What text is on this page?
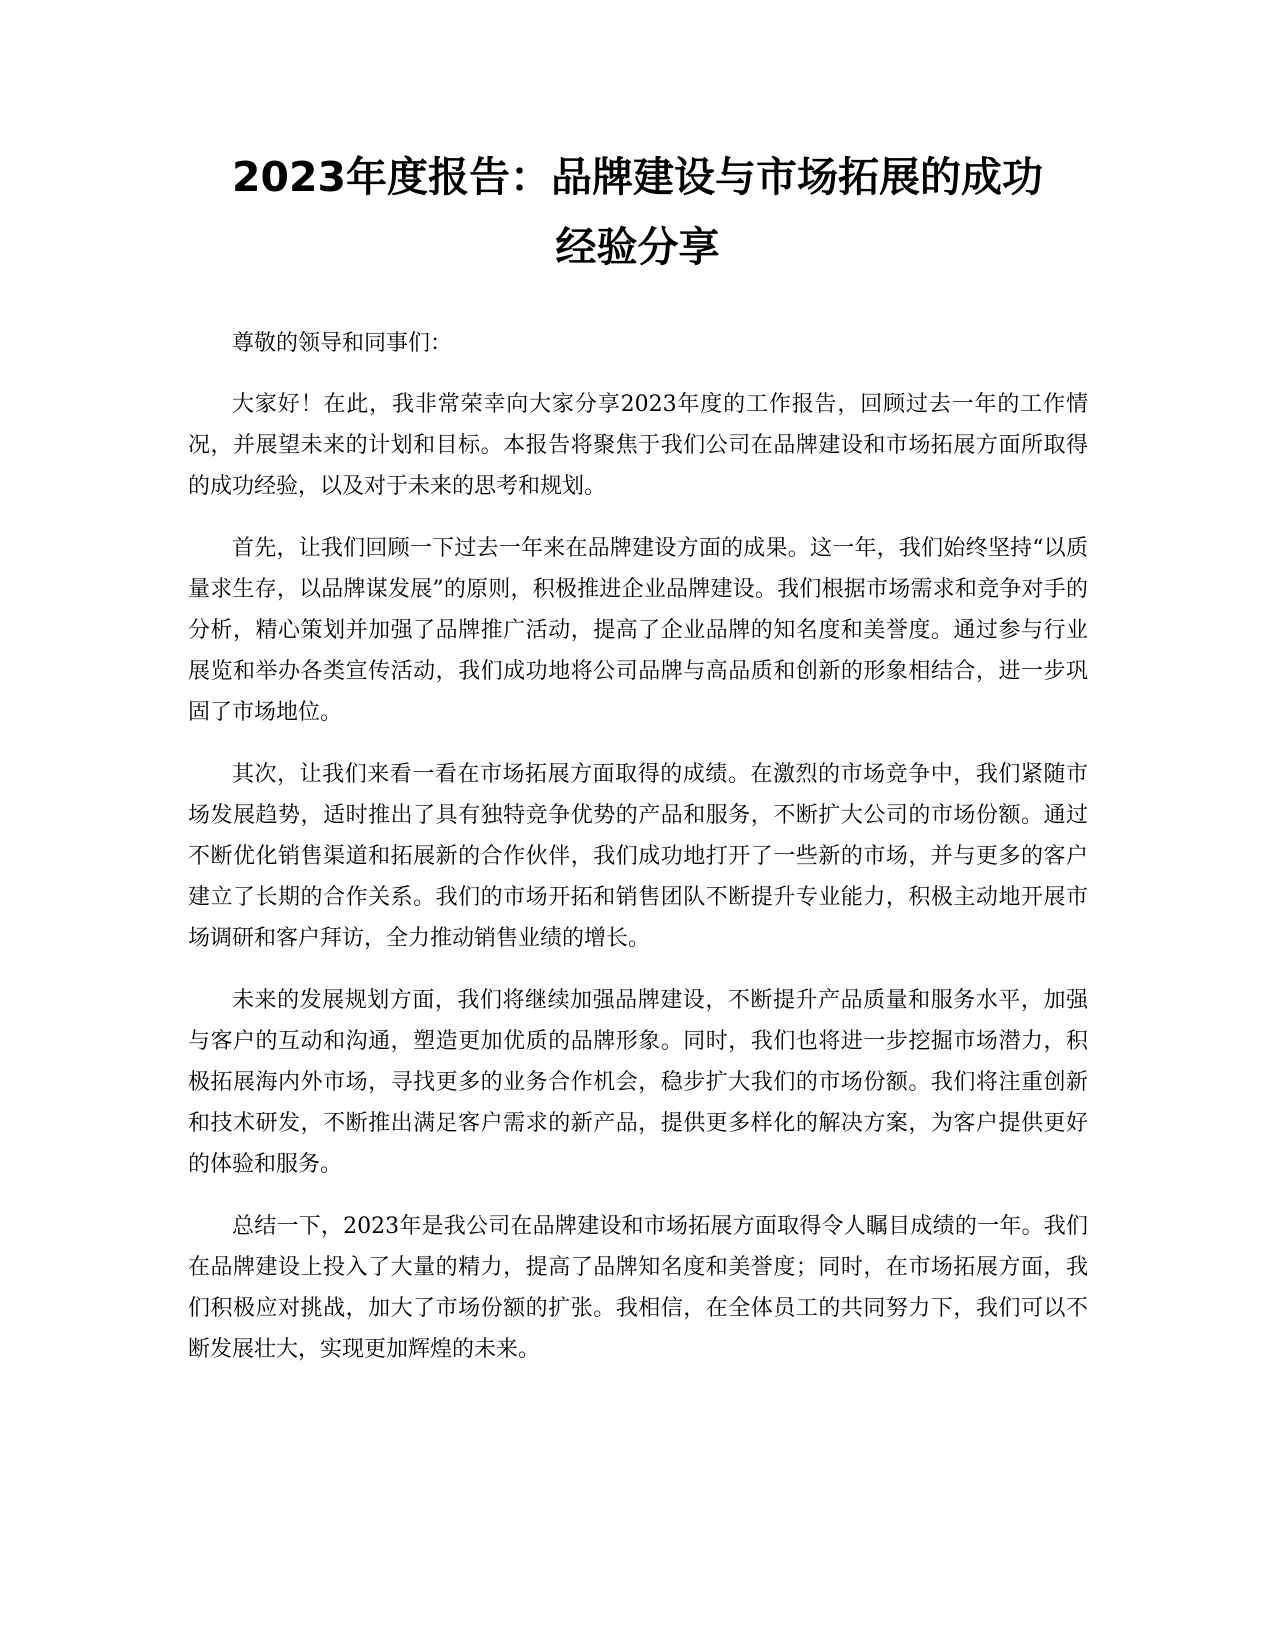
2023年度报告：品牌建设与市场拓展的成功
经验分享

尊敬的领导和同事们：

大家好！在此，我非常荣幸向大家分享2023年度的工作报告，回顾过去一年的工作情况，并展望未来的计划和目标。本报告将聚焦于我们公司在品牌建设和市场拓展方面所取得的成功经验，以及对于未来的思考和规划。

首先，让我们回顾一下过去一年来在品牌建设方面的成果。这一年，我们始终坚持“以质量求生存，以品牌谋发展”的原则，积极推进企业品牌建设。我们根据市场需求和竞争对手的分析，精心策划并加强了品牌推广活动，提高了企业品牌的知名度和美誉度。通过参与行业展览和举办各类宣传活动，我们成功地将公司品牌与高品质和创新的形象相结合，进一步巩固了市场地位。

其次，让我们来看一看在市场拓展方面取得的成绩。在激烈的市场竞争中，我们紧随市场发展趋势，适时推出了具有独特竞争优势的产品和服务，不断扩大公司的市场份额。通过不断优化销售渠道和拓展新的合作伙伴，我们成功地打开了一些新的市场，并与更多的客户建立了长期的合作关系。我们的市场开拓和销售团队不断提升专业能力，积极主动地开展市场调研和客户拜访，全力推动销售业绩的增长。

未来的发展规划方面，我们将继续加强品牌建设，不断提升产品质量和服务水平，加强与客户的互动和沟通，塑造更加优质的品牌形象。同时，我们也将进一步挖掘市场潜力，积极拓展海内外市场，寻找更多的业务合作机会，稳步扩大我们的市场份额。我们将注重创新和技术研发，不断推出满足客户需求的新产品，提供更多样化的解决方案，为客户提供更好的体验和服务。

总结一下，2023年是我公司在品牌建设和市场拓展方面取得令人瞩目成绩的一年。我们在品牌建设上投入了大量的精力，提高了品牌知名度和美誉度；同时，在市场拓展方面，我们积极应对挑战，加大了市场份额的扩张。我相信，在全体员工的共同努力下，我们可以不断发展壮大，实现更加辉煌的未来。
